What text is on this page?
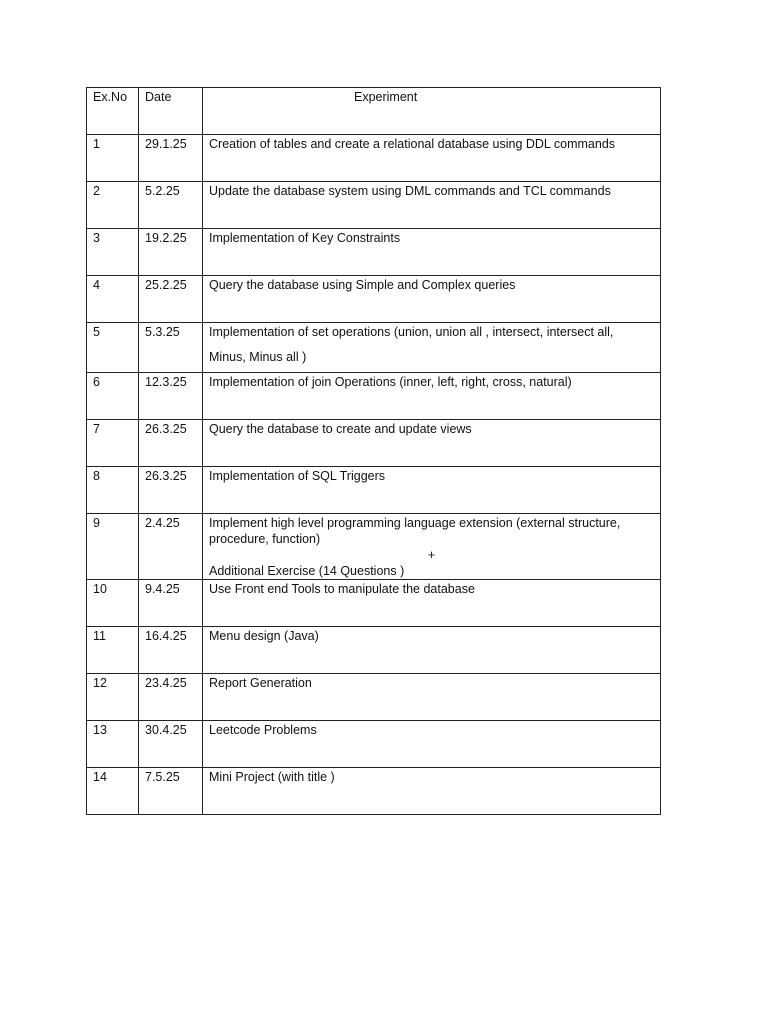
Ex.No	Date	Experiment
1	29.1.25	Creation of tables and create a relational database using DDL commands

2	5.2.25	Update the database system using DML commands and TCL commands

3	19.2.25	Implementation of Key Constraints

4	25.2.25	Query the database using Simple and Complex queries

5	5.3.25	Implementation of set operations (union, union all , intersect, intersect all,
Minus, Minus all )

6	12.3.25	Implementation of join Operations (inner, left, right, cross, natural)

7	26.3.25	Query the database to create and update views

8	26.3.25	Implementation of SQL Triggers

9	2.4.25	Implement high level programming language extension (external structure,
procedure, function)
+
Additional Exercise (14 Questions )

10	9.4.25	Use Front end Tools to manipulate the database

11	16.4.25	Menu design (Java)

12	23.4.25	Report Generation

13	30.4.25	Leetcode Problems

14	7.5.25	Mini Project (with title )
